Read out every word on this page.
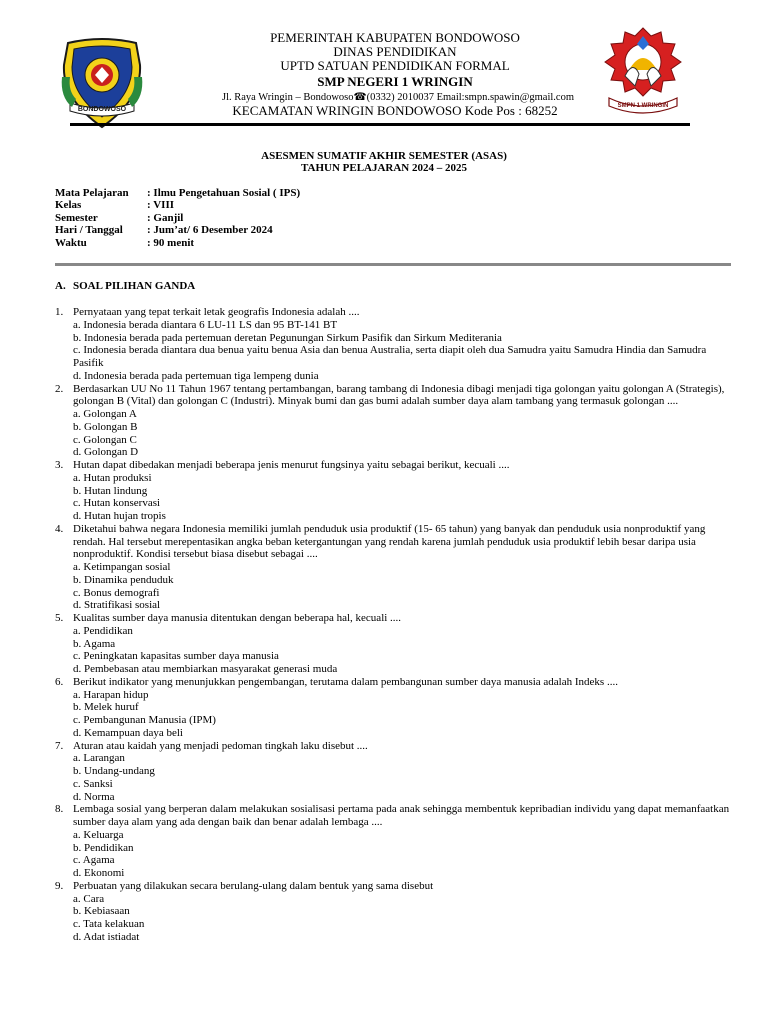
BONDOWOSO
PEMERINTAH KABUPATEN BONDOWOSO
DINAS PENDIDIKAN
UPTD SATUAN PENDIDIKAN FORMAL
SMP NEGERI 1 WRINGIN
Jl. Raya Wringin – Bondowoso☎(0332) 2010037 Email:smpn.spawin@gmail.com
KECAMATAN WRINGIN BONDOWOSO Kode Pos : 68252	SMPN 1 WRINGIN
ASESMEN SUMATIF AKHIR SEMESTER (ASAS)
TAHUN PELAJARAN 2024 – 2025
Mata Pelajaran	: Ilmu Pengetahuan Sosial ( IPS)
Kelas	: VIII
Semester	: Ganjil
Hari / Tanggal	: Jum’at/ 6 Desember 2024
Waktu	: 90 menit
A. SOAL PILIHAN GANDA
1. Pernyataan yang tepat terkait letak geografis Indonesia adalah ....
a. Indonesia berada diantara 6 LU-11 LS dan 95 BT-141 BT
b. Indonesia berada pada pertemuan deretan Pegunungan Sirkum Pasifik dan Sirkum Mediterania
c. Indonesia berada diantara dua benua yaitu benua Asia dan benua Australia, serta diapit oleh dua Samudra yaitu Samudra Hindia dan Samudra Pasifik
d. Indonesia berada pada pertemuan tiga lempeng dunia
2. Berdasarkan UU No 11 Tahun 1967 tentang pertambangan, barang tambang di Indonesia dibagi menjadi tiga golongan yaitu golongan A (Strategis), golongan B (Vital) dan golongan C (Industri). Minyak bumi dan gas bumi adalah sumber daya alam tambang yang termasuk golongan ....
a. Golongan A
b. Golongan B
c. Golongan C
d. Golongan D
3. Hutan dapat dibedakan menjadi beberapa jenis menurut fungsinya yaitu sebagai berikut, kecuali ....
a. Hutan produksi
b. Hutan lindung
c. Hutan konservasi
d. Hutan hujan tropis
4. Diketahui bahwa negara Indonesia memiliki jumlah penduduk usia produktif (15- 65 tahun) yang banyak dan penduduk usia nonproduktif yang rendah. Hal tersebut merepentasikan angka beban ketergantungan yang rendah karena jumlah penduduk usia produktif lebih besar daripa usia nonproduktif. Kondisi tersebut biasa disebut sebagai ....
a. Ketimpangan sosial
b. Dinamika penduduk
c. Bonus demografi
d. Stratifikasi sosial
5. Kualitas sumber daya manusia ditentukan dengan beberapa hal, kecuali ....
a. Pendidikan
b. Agama
c. Peningkatan kapasitas sumber daya manusia
d. Pembebasan atau membiarkan masyarakat generasi muda
6. Berikut indikator yang menunjukkan pengembangan, terutama dalam pembangunan sumber daya manusia adalah Indeks ....
a. Harapan hidup
b. Melek huruf
c. Pembangunan Manusia (IPM)
d. Kemampuan daya beli
7. Aturan atau kaidah yang menjadi pedoman tingkah laku disebut ....
a. Larangan
b. Undang-undang
c. Sanksi
d. Norma
8. Lembaga sosial yang berperan dalam melakukan sosialisasi pertama pada anak sehingga membentuk kepribadian individu yang dapat memanfaatkan sumber daya alam yang ada dengan baik dan benar adalah lembaga ....
a. Keluarga
b. Pendidikan
c. Agama
d. Ekonomi
9. Perbuatan yang dilakukan secara berulang-ulang dalam bentuk yang sama disebut
a. Cara
b. Kebiasaan
c. Tata kelakuan
d. Adat istiadat
